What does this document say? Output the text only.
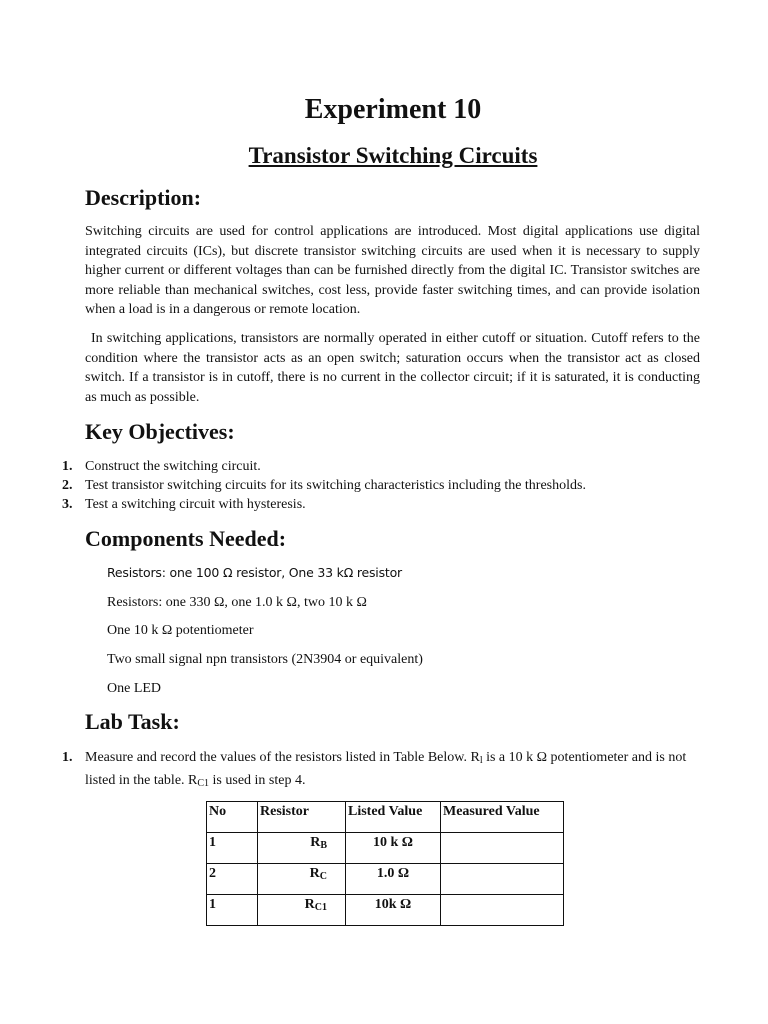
Experiment 10
Transistor Switching Circuits
Description:

Switching circuits are used for control applications are introduced. Most digital applications use digital integrated circuits (ICs), but discrete transistor switching circuits are used when it is necessary to supply higher current or different voltages than can be furnished directly from the digital IC. Transistor switches are more reliable than mechanical switches, cost less, provide faster switching times, and can provide isolation when a load is in a dangerous or remote location.

In switching applications, transistors are normally operated in either cutoff or situation. Cutoff refers to the condition where the transistor acts as an open switch; saturation occurs when the transistor act as closed switch. If a transistor is in cutoff, there is no current in the collector circuit; if it is saturated, it is conducting as much as possible.

Key Objectives:
1. Construct the switching circuit.
2. Test transistor switching circuits for its switching characteristics including the thresholds.
3. Test a switching circuit with hysteresis.
Components Needed:

Resistors: one 100 Ω resistor, One 33 kΩ resistor

Resistors: one 330 Ω, one 1.0 k Ω, two 10 k Ω

One 10 k Ω potentiometer

Two small signal npn transistors (2N3904 or equivalent)

One LED

Lab Task:
1. Measure and record the values of the resistors listed in Table Below. $R_l$ is a 10 k Ω potentiometer and is not listed in the table. $R_{C1}$ is used in step 4.
No	Resistor	Listed Value	Measured Value
1	$R_B$	10 k Ω	
2	$R_C$	1.0 Ω	
1	$R_{C1}$	10k Ω	
